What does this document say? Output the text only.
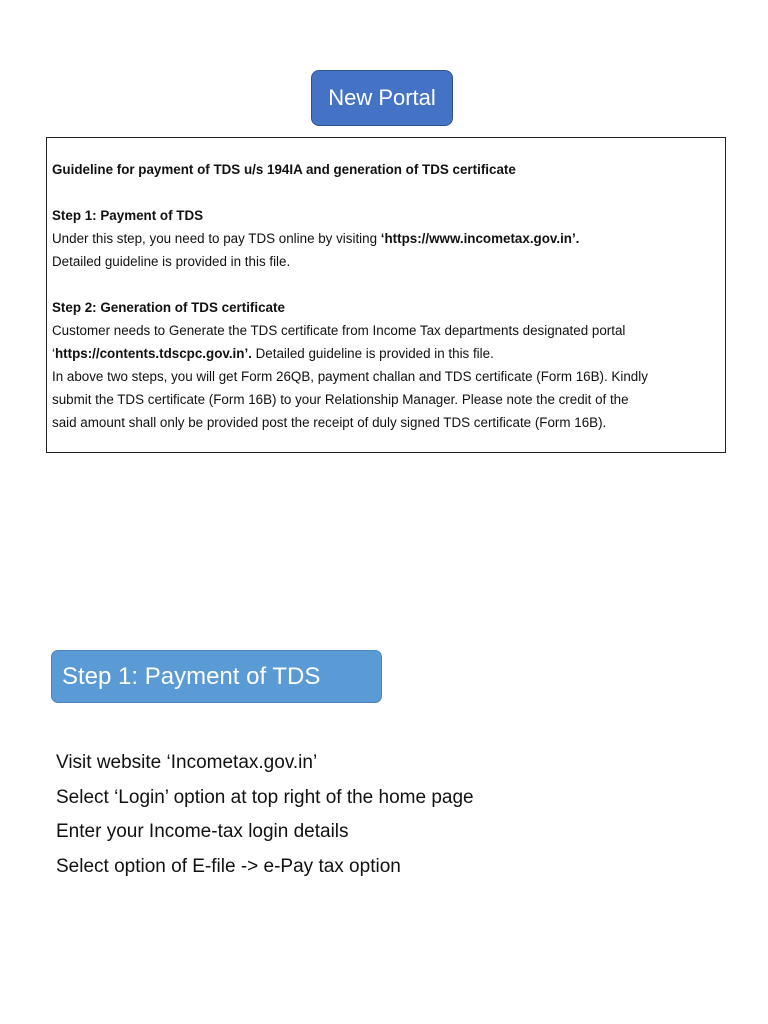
New Portal

Guideline for payment of TDS u/s 194IA and generation of TDS certificate

Step 1: Payment of TDS

Under this step, you need to pay TDS online by visiting ‘https://www.incometax.gov.in’.

Detailed guideline is provided in this file.

Step 2: Generation of TDS certificate

Customer needs to Generate the TDS certificate from Income Tax departments designated portal

‘https://contents.tdscpc.gov.in’. Detailed guideline is provided in this file.

In above two steps, you will get Form 26QB, payment challan and TDS certificate (Form 16B). Kindly

submit the TDS certificate (Form 16B) to your Relationship Manager. Please note the credit of the

said amount shall only be provided post the receipt of duly signed TDS certificate (Form 16B).

Step 1: Payment of TDS
Visit website ‘Incometax.gov.in’
Select ‘Login’ option at top right of the home page
Enter your Income-tax login details
Select option of E-file -> e-Pay tax option
